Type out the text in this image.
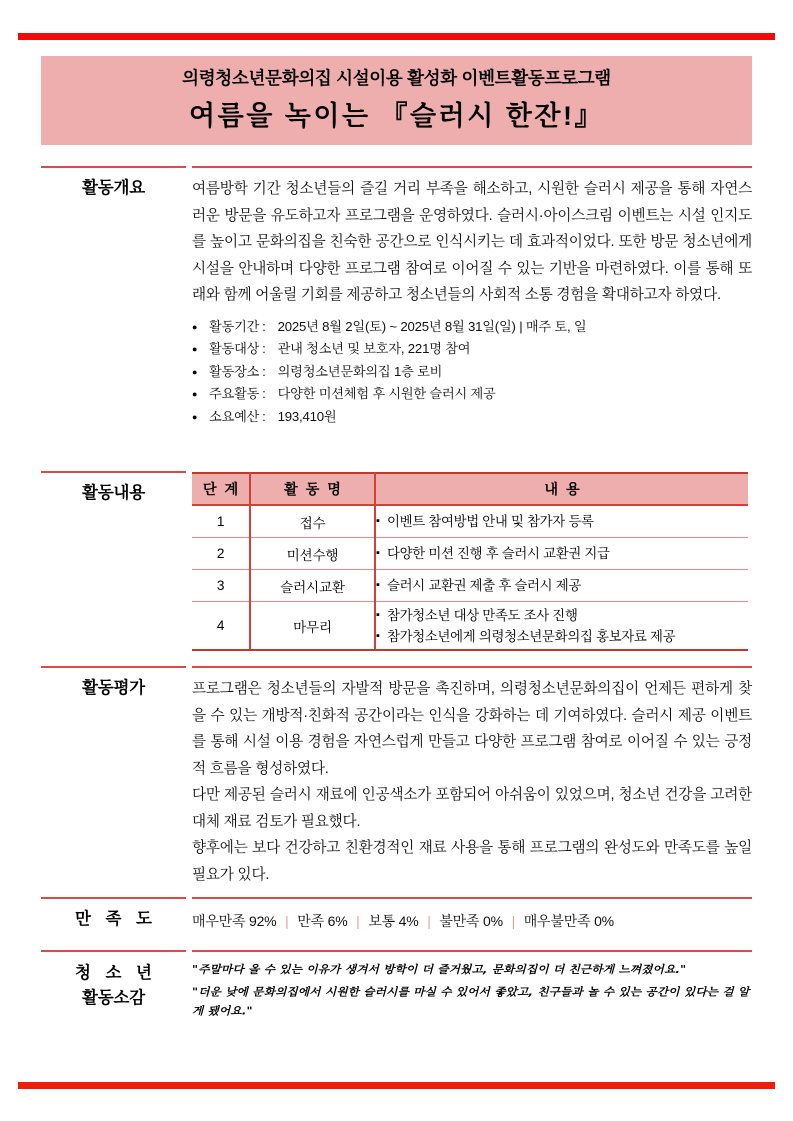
의령청소년문화의집 시설이용 활성화 이벤트활동프로그램
여름을 녹이는 『슬러시 한잔!』
활동개요	여름방학 기간 청소년들의 즐길 거리 부족을 해소하고, 시원한 슬러시 제공을 통해 자연스러운 방문을 유도하고자 프로그램을 운영하였다. 슬러시·아이스크림 이벤트는 시설 인지도를 높이고 문화의집을 친숙한 공간으로 인식시키는 데 효과적이었다. 또한 방문 청소년에게 시설을 안내하며 다양한 프로그램 참여로 이어질 수 있는 기반을 마련하였다. 이를 통해 또래와 함께 어울릴 기회를 제공하고 청소년들의 사회적 소통 경험을 확대하고자 하였다.

● 활동기간 : 2025년 8월 2일(토) ~ 2025년 8월 31일(일) | 매주 토, 일
● 활동대상 : 관내 청소년 및 보호자, 221명 참여
● 활동장소 : 의령청소년문화의집 1층 로비
● 주요활동 : 다양한 미션체험 후 시원한 슬러시 제공
● 소요예산 : 193,410원
활동내용	단 계	활 동 명	내 용
1	접수	▪ 이벤트 참여방법 안내 및 참가자 등록

2	미션수행	▪ 다양한 미션 진행 후 슬러시 교환권 지급

3	슬러시교환	▪ 슬러시 교환권 제출 후 슬러시 제공

4	마무리	▪ 참가청소년 대상 만족도 조사 진행
▪ 참가청소년에게 의령청소년문화의집 홍보자료 제공
활동평가	프로그램은 청소년들의 자발적 방문을 촉진하며, 의령청소년문화의집이 언제든 편하게 찾을 수 있는 개방적·친화적 공간이라는 인식을 강화하는 데 기여하였다. 슬러시 제공 이벤트를 통해 시설 이용 경험을 자연스럽게 만들고 다양한 프로그램 참여로 이어질 수 있는 긍정적 흐름을 형성하였다.

다만 제공된 슬러시 재료에 인공색소가 포함되어 아쉬움이 있었으며, 청소년 건강을 고려한 대체 재료 검토가 필요했다.

향후에는 보다 건강하고 친환경적인 재료 사용을 통해 프로그램의 완성도와 만족도를 높일 필요가 있다.

만 족 도	매우만족 92% | 만족 6% | 보통 4% | 불만족 0% | 매우불만족 0%
청 소 년
활동소감

"주말마다 올 수 있는 이유가 생겨서 방학이 더 즐거웠고, 문화의집이 더 친근하게 느껴졌어요."

"더운 낮에 문화의집에서 시원한 슬러시를 마실 수 있어서 좋았고, 친구들과 놀 수 있는 공간이 있다는 걸 알게 됐어요."
